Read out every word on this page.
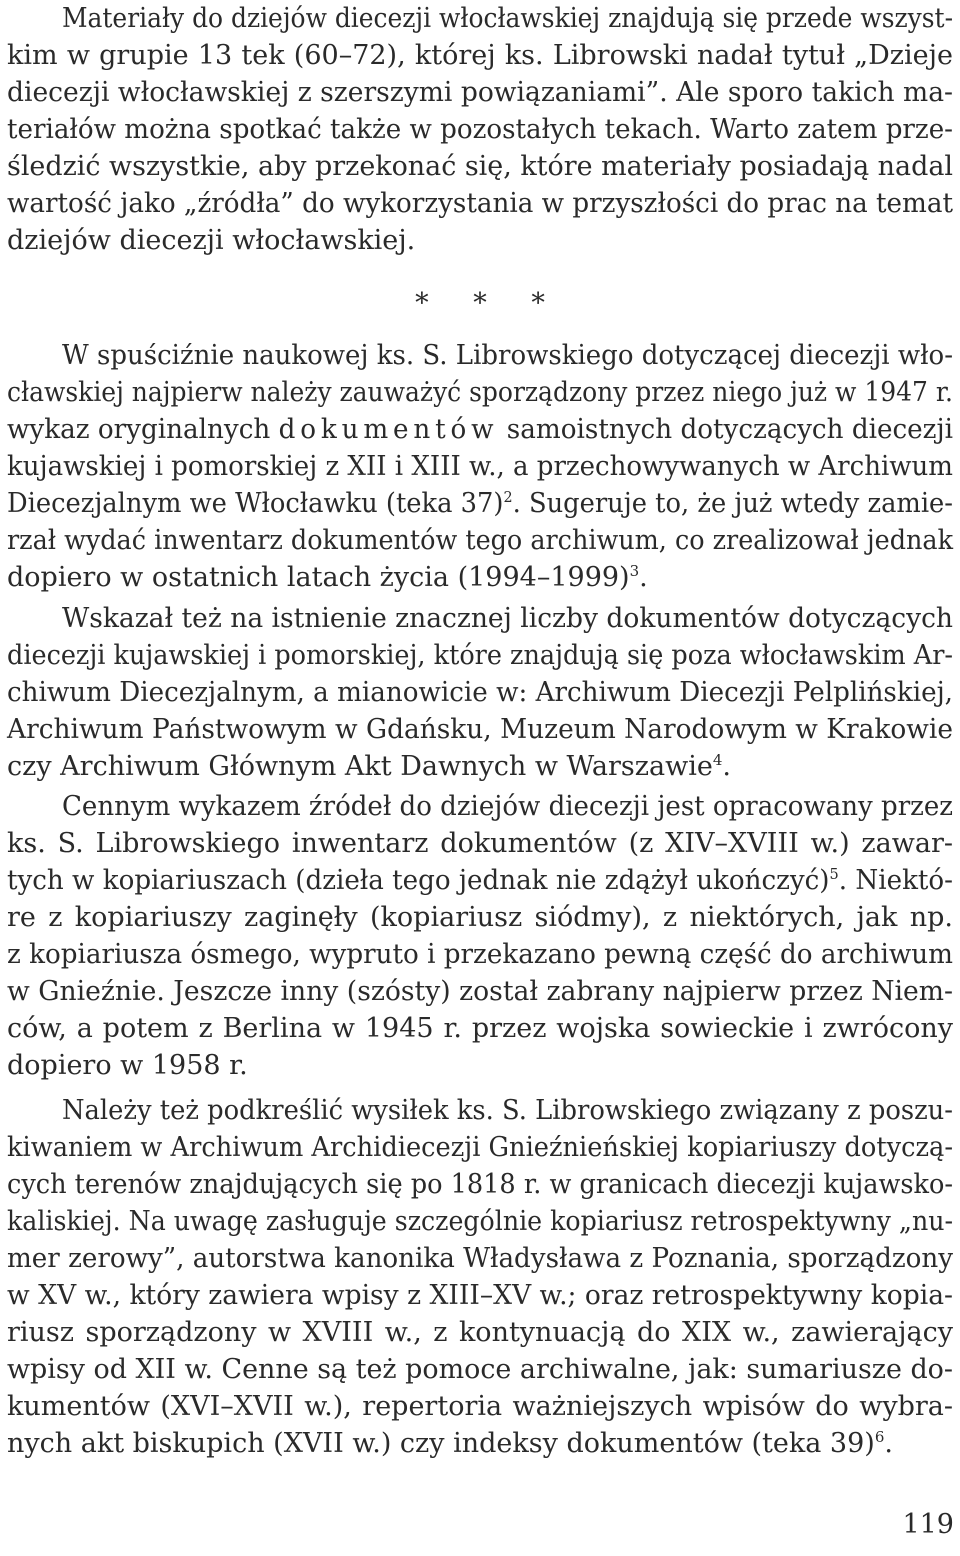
Materiały do dziejów diecezji włocławskiej znajdują się przede wszyst-
kim w grupie 13 tek (60–72), której ks. Librowski nadał tytuł „Dzieje
diecezji włocławskiej z szerszymi powiązaniami”. Ale sporo takich ma-
teriałów można spotkać także w pozostałych tekach. Warto zatem prze-
śledzić wszystkie, aby przekonać się, które materiały posiadają nadal
wartość jako „źródła” do wykorzystania w przyszłości do prac na temat
dziejów diecezji włocławskiej.
* * *
W spuściźnie naukowej ks. S. Librowskiego dotyczącej diecezji wło-
cławskiej najpierw należy zauważyć sporządzony przez niego już w 1947 r.
wykaz oryginalnych dokumentów samoistnych dotyczących diecezji
kujawskiej i pomorskiej z XII i XIII w., a przechowywanych w Archiwum
Diecezjalnym we Włocławku (teka 37)$^2$. Sugeruje to, że już wtedy zamie-
rzał wydać inwentarz dokumentów tego archiwum, co zrealizował jednak
dopiero w ostatnich latach życia (1994–1999)$^3$.
Wskazał też na istnienie znacznej liczby dokumentów dotyczących
diecezji kujawskiej i pomorskiej, które znajdują się poza włocławskim Ar-
chiwum Diecezjalnym, a mianowicie w: Archiwum Diecezji Pelplińskiej,
Archiwum Państwowym w Gdańsku, Muzeum Narodowym w Krakowie
czy Archiwum Głównym Akt Dawnych w Warszawie$^4$.
Cennym wykazem źródeł do dziejów diecezji jest opracowany przez
ks. S. Librowskiego inwentarz dokumentów (z XIV–XVIII w.) zawar-
tych w kopiariuszach (dzieła tego jednak nie zdążył ukończyć)$^5$. Niektó-
re z kopiariuszy zaginęły (kopiariusz siódmy), z niektórych, jak np.
z kopiariusza ósmego, wypruto i przekazano pewną część do archiwum
w Gnieźnie. Jeszcze inny (szósty) został zabrany najpierw przez Niem-
ców, a potem z Berlina w 1945 r. przez wojska sowieckie i zwrócony
dopiero w 1958 r.
Należy też podkreślić wysiłek ks. S. Librowskiego związany z poszu-
kiwaniem w Archiwum Archidiecezji Gnieźnieńskiej kopiariuszy dotyczą-
cych terenów znajdujących się po 1818 r. w granicach diecezji kujawsko-
kaliskiej. Na uwagę zasługuje szczególnie kopiariusz retrospektywny „nu-
mer zerowy”, autorstwa kanonika Władysława z Poznania, sporządzony
w XV w., który zawiera wpisy z XIII–XV w.; oraz retrospektywny kopia-
riusz sporządzony w XVIII w., z kontynuacją do XIX w., zawierający
wpisy od XII w. Cenne są też pomoce archiwalne, jak: sumariusze do-
kumentów (XVI–XVII w.), repertoria ważniejszych wpisów do wybra-
nych akt biskupich (XVII w.) czy indeksy dokumentów (teka 39)$^6$.
119
